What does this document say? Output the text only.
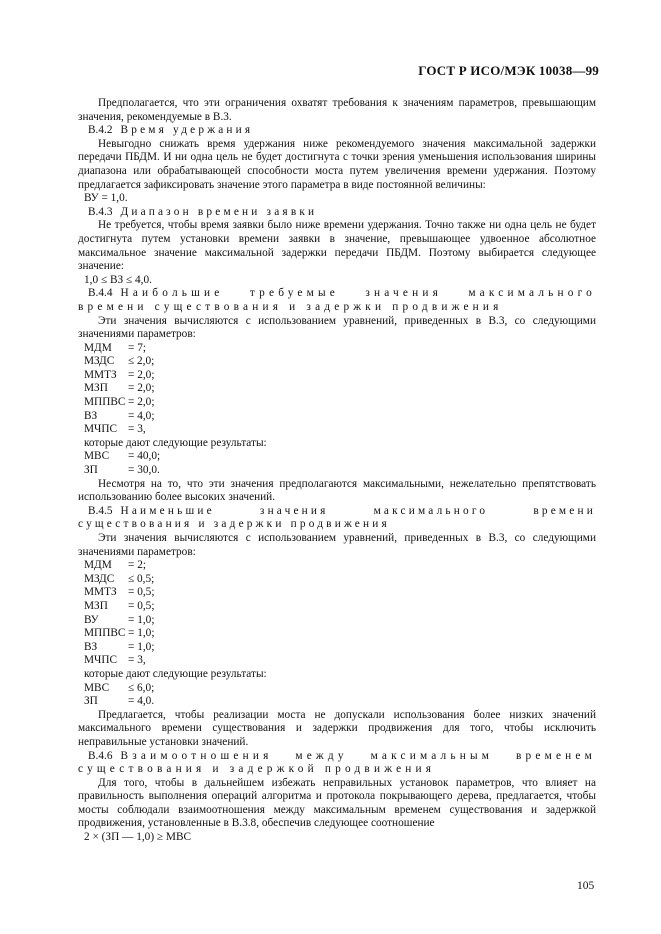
ГОСТ Р ИСО/МЭК 10038—99

Предполагается, что эти ограничения охватят требования к значениям параметров, превышающим значения, рекомендуемые в В.3.

В.4.2 Время удержания

Невыгодно снижать время удержания ниже рекомендуемого значения максимальной задержки передачи ПБДМ. И ни одна цель не будет достигнута с точки зрения уменьшения использования ширины диапазона или обрабатывающей способности моста путем увеличения времени удержания. Поэтому предлагается зафиксировать значение этого параметра в виде постоянной величины:

ВУ = 1,0.

В.4.3 Диапазон времени заявки

Не требуется, чтобы время заявки было ниже времени удержания. Точно также ни одна цель не будет достигнута путем установки времени заявки в значение, превышающее удвоенное абсолютное максимальное значение максимальной задержки передачи ПБДМ. Поэтому выбирается следующее значение:

1,0 ≤ ВЗ ≤ 4,0.

В.4.4 Наибольшие требуемые значения максимального времени существования и задержки продвижения

Эти значения вычисляются с использованием уравнений, приведенных в В.3, со следующими значениями параметров:

МДМ	= 7;
МЗДС	≤ 2,0;
ММТЗ	= 2,0;
МЗП	= 2,0;
МППВС = 2,0;
ВЗ	= 4,0;
МЧПС = 3,

которые дают следующие результаты:

МВС	= 40,0;
ЗП	= 30,0.

Несмотря на то, что эти значения предполагаются максимальными, нежелательно препятствовать использованию более высоких значений.

В.4.5 Наименьшие значения максимального времени существования и задержки продвижения

Эти значения вычисляются с использованием уравнений, приведенных в В.3, со следующими значениями параметров:

МДМ	= 2;
МЗДС	≤ 0,5;
ММТЗ	= 0,5;
МЗП	= 0,5;
ВУ	= 1,0;
МППВС = 1,0;
ВЗ	= 1,0;
МЧПС = 3,

которые дают следующие результаты:

МВС	≤ 6,0;
ЗП	= 4,0.

Предлагается, чтобы реализации моста не допускали использования более низких значений максимального времени существования и задержки продвижения для того, чтобы исключить неправильные установки значений.

В.4.6 Взаимоотношения между максимальным временем существования и задержкой продвижения

Для того, чтобы в дальнейшем избежать неправильных установок параметров, что влияет на правильность выполнения операций алгоритма и протокола покрывающего дерева, предлагается, чтобы мосты соблюдали взаимоотношения между максимальным временем существования и задержкой продвижения, установленные в В.3.8, обеспечив следующее соотношение

2 × (ЗП — 1,0) ≥ МВС

105
